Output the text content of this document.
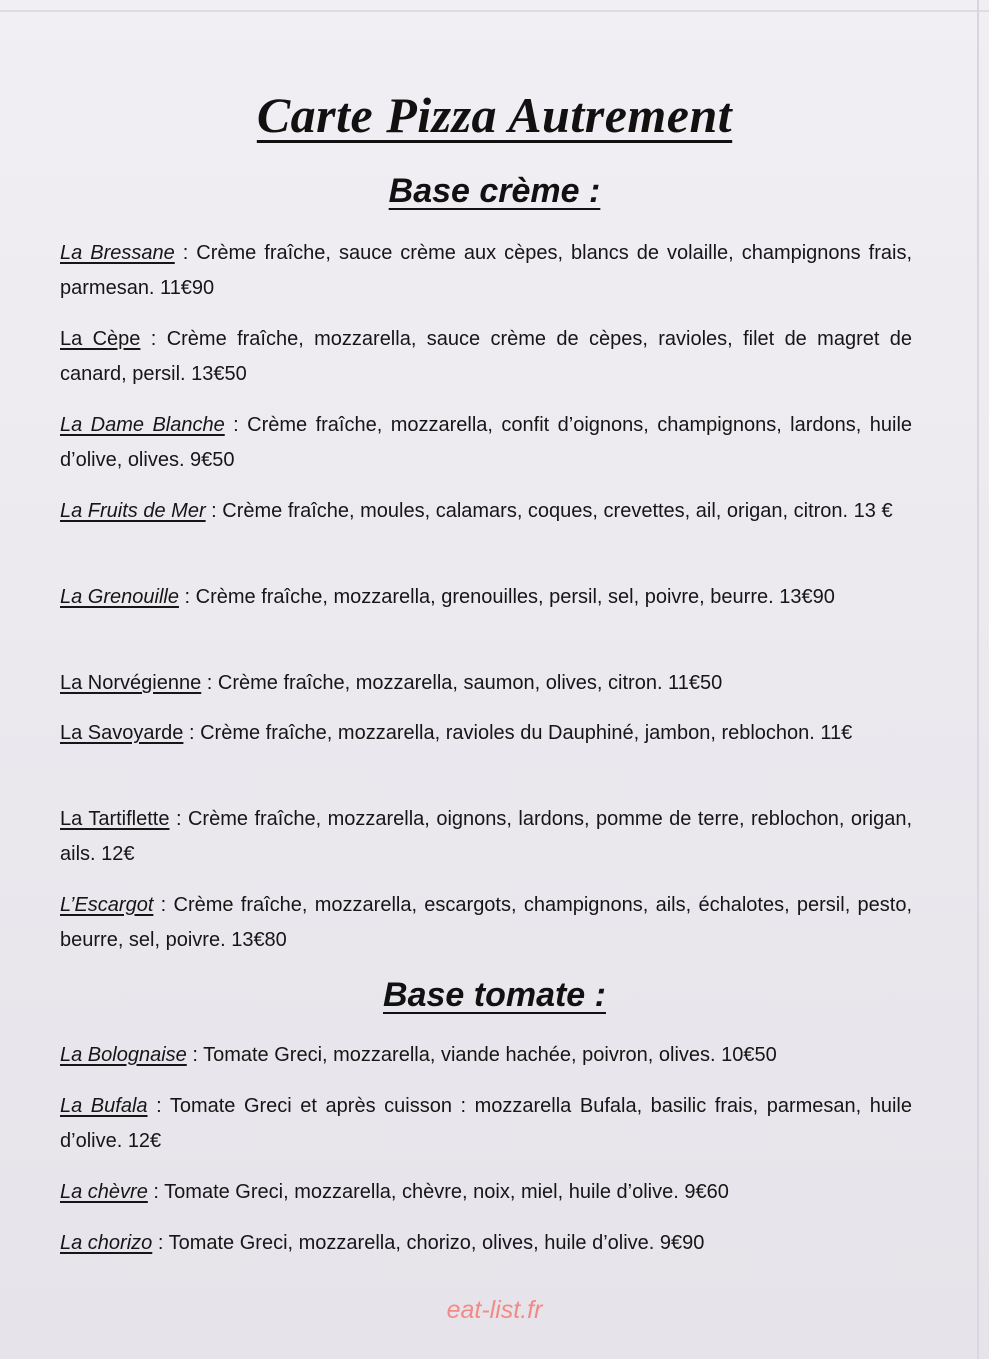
Carte Pizza Autrement
Base crème :

La Bressane : Crème fraîche, sauce crème aux cèpes, blancs de volaille, champignons frais, parmesan. 11€90

La Cèpe : Crème fraîche, mozzarella, sauce crème de cèpes, ravioles, filet de magret de canard, persil. 13€50

La Dame Blanche : Crème fraîche, mozzarella, confit d’oignons, champignons, lardons, huile d’olive, olives. 9€50

La Fruits de Mer : Crème fraîche, moules, calamars, coques, crevettes, ail, origan, citron. 13 €

La Grenouille : Crème fraîche, mozzarella, grenouilles, persil, sel, poivre, beurre. 13€90

La Norvégienne : Crème fraîche, mozzarella, saumon, olives, citron. 11€50

La Savoyarde : Crème fraîche, mozzarella, ravioles du Dauphiné, jambon, reblochon. 11€

La Tartiflette : Crème fraîche, mozzarella, oignons, lardons, pomme de terre, reblochon, origan, ails. 12€

L’Escargot : Crème fraîche, mozzarella, escargots, champignons, ails, échalotes, persil, pesto, beurre, sel, poivre. 13€80

Base tomate :

La Bolognaise : Tomate Greci, mozzarella, viande hachée, poivron, olives. 10€50

La Bufala : Tomate Greci et après cuisson : mozzarella Bufala, basilic frais, parmesan, huile d’olive. 12€

La chèvre : Tomate Greci, mozzarella, chèvre, noix, miel, huile d’olive. 9€60

La chorizo : Tomate Greci, mozzarella, chorizo, olives, huile d’olive. 9€90

eat-list.fr
